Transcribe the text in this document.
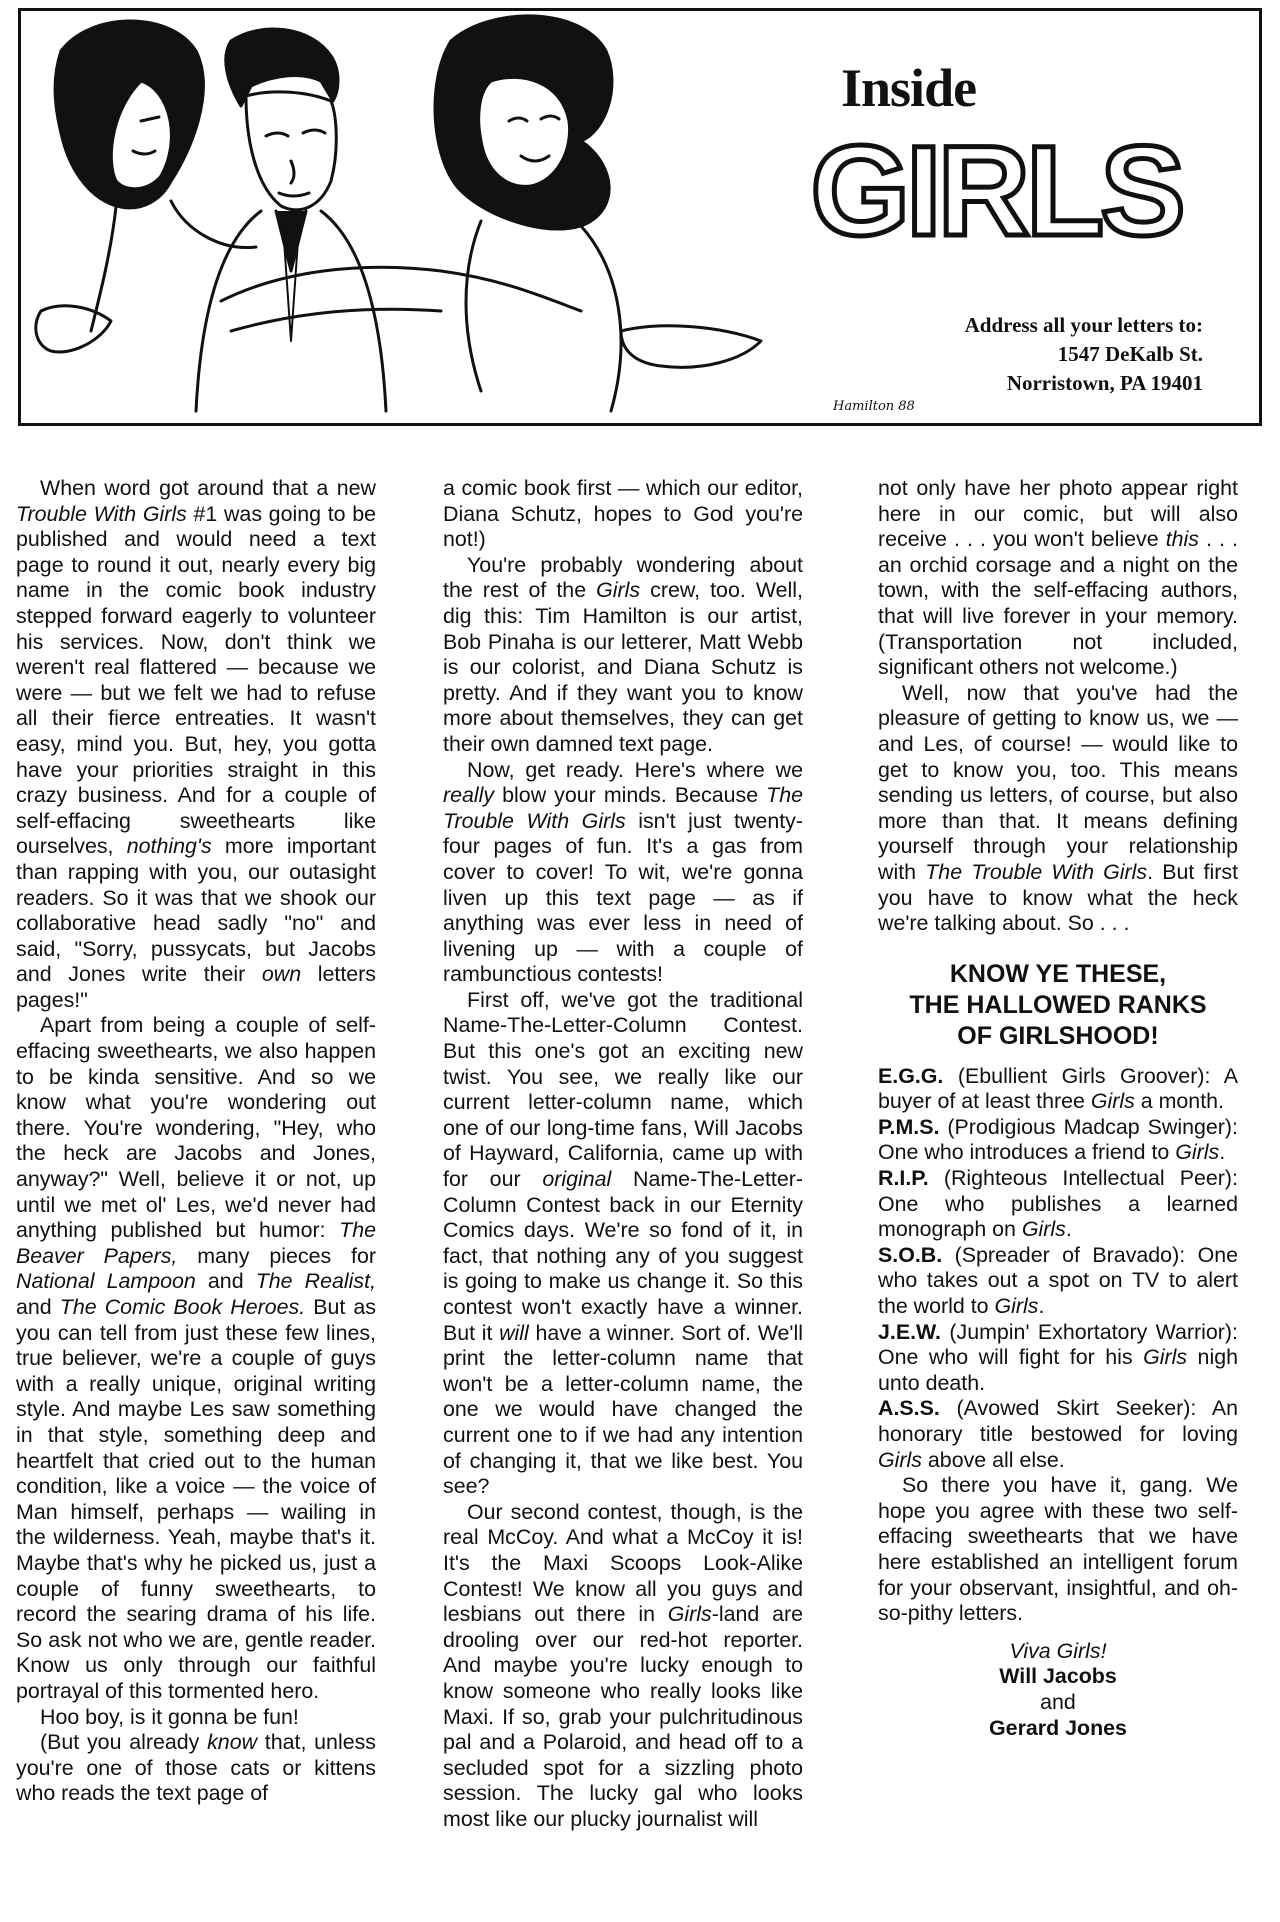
Inside
GIRLS
Address all your letters to:
1547 DeKalb St.
Norristown, PA 19401
Hamilton 88

When word got around that a new Trouble With Girls #1 was going to be published and would need a text page to round it out, nearly every big name in the comic book industry stepped forward eagerly to volunteer his services. Now, don't think we weren't real flattered — because we were — but we felt we had to refuse all their fierce entreaties. It wasn't easy, mind you. But, hey, you gotta have your priorities straight in this crazy business. And for a couple of self-effacing sweethearts like ourselves, nothing's more important than rapping with you, our outasight readers. So it was that we shook our collaborative head sadly "no" and said, "Sorry, pussycats, but Jacobs and Jones write their own letters pages!"

Apart from being a couple of self-effacing sweethearts, we also happen to be kinda sensitive. And so we know what you're wondering out there. You're wondering, "Hey, who the heck are Jacobs and Jones, anyway?" Well, believe it or not, up until we met ol' Les, we'd never had anything published but humor: The Beaver Papers, many pieces for National Lampoon and The Realist, and The Comic Book Heroes. But as you can tell from just these few lines, true believer, we're a couple of guys with a really unique, original writing style. And maybe Les saw something in that style, something deep and heartfelt that cried out to the human condition, like a voice — the voice of Man himself, perhaps — wailing in the wilderness. Yeah, maybe that's it. Maybe that's why he picked us, just a couple of funny sweethearts, to record the searing drama of his life. So ask not who we are, gentle reader. Know us only through our faithful portrayal of this tormented hero.

Hoo boy, is it gonna be fun!

(But you already know that, unless you're one of those cats or kittens who reads the text page of

a comic book first — which our editor, Diana Schutz, hopes to God you're not!)

You're probably wondering about the rest of the Girls crew, too. Well, dig this: Tim Hamilton is our artist, Bob Pinaha is our letterer, Matt Webb is our colorist, and Diana Schutz is pretty. And if they want you to know more about themselves, they can get their own damned text page.

Now, get ready. Here's where we really blow your minds. Because The Trouble With Girls isn't just twenty-four pages of fun. It's a gas from cover to cover! To wit, we're gonna liven up this text page — as if anything was ever less in need of livening up — with a couple of rambunctious contests!

First off, we've got the traditional Name-The-Letter-Column Contest. But this one's got an exciting new twist. You see, we really like our current letter-column name, which one of our long-time fans, Will Jacobs of Hayward, California, came up with for our original Name-The-Letter-Column Contest back in our Eternity Comics days. We're so fond of it, in fact, that nothing any of you suggest is going to make us change it. So this contest won't exactly have a winner. But it will have a winner. Sort of. We'll print the letter-column name that won't be a letter-column name, the one we would have changed the current one to if we had any intention of changing it, that we like best. You see?

Our second contest, though, is the real McCoy. And what a McCoy it is! It's the Maxi Scoops Look-Alike Contest! We know all you guys and lesbians out there in Girls-land are drooling over our red-hot reporter. And maybe you're lucky enough to know someone who really looks like Maxi. If so, grab your pulchritudinous pal and a Polaroid, and head off to a secluded spot for a sizzling photo session. The lucky gal who looks most like our plucky journalist will

not only have her photo appear right here in our comic, but will also receive . . . you won't believe this . . . an orchid corsage and a night on the town, with the self-effacing authors, that will live forever in your memory. (Transportation not included, significant others not welcome.)

Well, now that you've had the pleasure of getting to know us, we — and Les, of course! — would like to get to know you, too. This means sending us letters, of course, but also more than that. It means defining yourself through your relationship with The Trouble With Girls. But first you have to know what the heck we're talking about. So . . .

KNOW YE THESE,
THE HALLOWED RANKS
OF GIRLSHOOD!

E.G.G. (Ebullient Girls Groover): A buyer of at least three Girls a month.

P.M.S. (Prodigious Madcap Swinger): One who introduces a friend to Girls.

R.I.P. (Righteous Intellectual Peer): One who publishes a learned monograph on Girls.

S.O.B. (Spreader of Bravado): One who takes out a spot on TV to alert the world to Girls.

J.E.W. (Jumpin' Exhortatory Warrior): One who will fight for his Girls nigh unto death.

A.S.S. (Avowed Skirt Seeker): An honorary title bestowed for loving Girls above all else.

So there you have it, gang. We hope you agree with these two self-effacing sweethearts that we have here established an intelligent forum for your observant, insightful, and oh-so-pithy letters.

Viva Girls!
Will Jacobs
and
Gerard Jones
